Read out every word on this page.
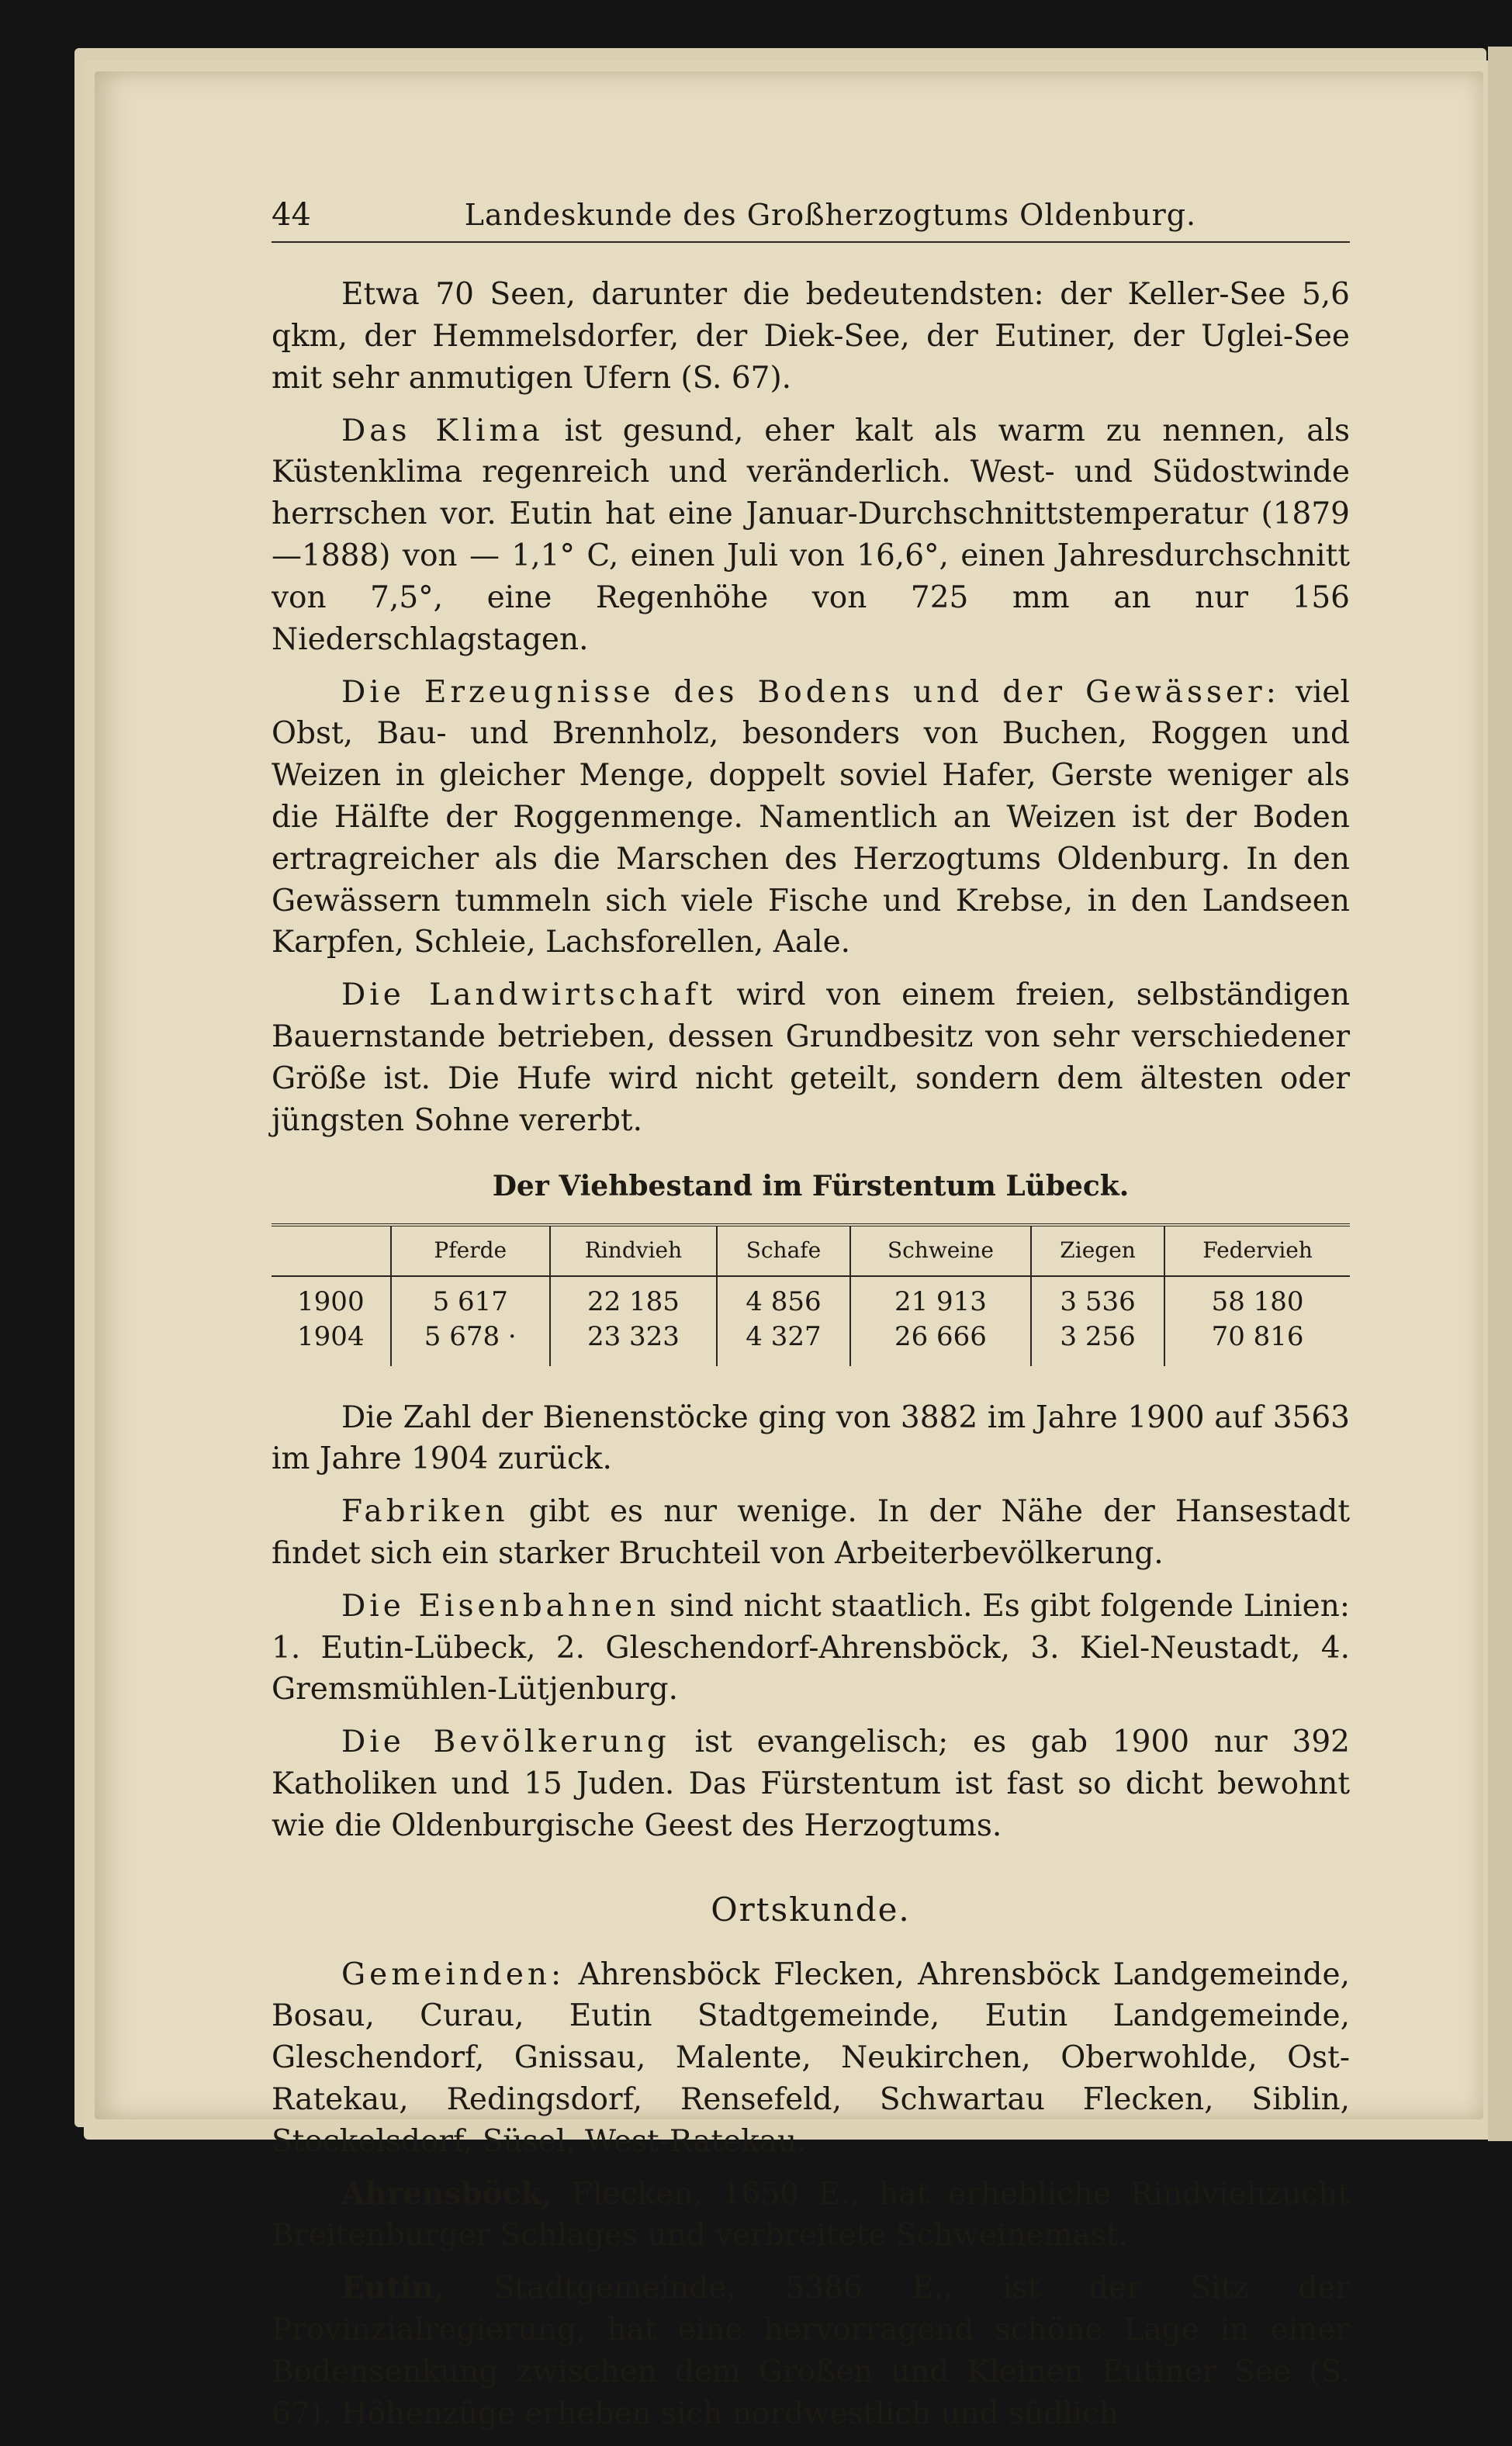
44	Landeskunde des Großherzogtums Oldenburg.

Etwa 70 Seen, darunter die bedeutendsten: der Keller-See 5,6 qkm, der Hemmelsdorfer, der Diek-See, der Eutiner, der Uglei-See mit sehr anmutigen Ufern (S. 67).

Das Klima ist gesund, eher kalt als warm zu nennen, als Küstenklima regenreich und veränderlich. West- und Südostwinde herrschen vor. Eutin hat eine Januar-Durchschnittstemperatur (1879—1888) von — 1,1° C, einen Juli von 16,6°, einen Jahresdurchschnitt von 7,5°, eine Regenhöhe von 725 mm an nur 156 Niederschlagstagen.

Die Erzeugnisse des Bodens und der Gewässer: viel Obst, Bau- und Brennholz, besonders von Buchen, Roggen und Weizen in gleicher Menge, doppelt soviel Hafer, Gerste weniger als die Hälfte der Roggenmenge. Namentlich an Weizen ist der Boden ertragreicher als die Marschen des Herzogtums Oldenburg. In den Gewässern tummeln sich viele Fische und Krebse, in den Landseen Karpfen, Schleie, Lachsforellen, Aale.

Die Landwirtschaft wird von einem freien, selbständigen Bauernstande betrieben, dessen Grundbesitz von sehr verschiedener Größe ist. Die Hufe wird nicht geteilt, sondern dem ältesten oder jüngsten Sohne vererbt.

Der Viehbestand im Fürstentum Lübeck.
	Pferde	Rindvieh	Schafe	Schweine	Ziegen	Federvieh
1900	5 617	22 185	4 856	21 913	3 536	58 180
1904	5 678 ·	23 323	4 327	26 666	3 256	70 816

Die Zahl der Bienenstöcke ging von 3882 im Jahre 1900 auf 3563 im Jahre 1904 zurück.

Fabriken gibt es nur wenige. In der Nähe der Hansestadt findet sich ein starker Bruchteil von Arbeiterbevölkerung.

Die Eisenbahnen sind nicht staatlich. Es gibt folgende Linien: 1. Eutin-Lübeck, 2. Gleschendorf-Ahrensböck, 3. Kiel-Neustadt, 4. Gremsmühlen-Lütjenburg.

Die Bevölkerung ist evangelisch; es gab 1900 nur 392 Katholiken und 15 Juden. Das Fürstentum ist fast so dicht bewohnt wie die Oldenburgische Geest des Herzogtums.

Ortskunde.

Gemeinden: Ahrensböck Flecken, Ahrensböck Landgemeinde, Bosau, Curau, Eutin Stadtgemeinde, Eutin Landgemeinde, Gleschendorf, Gnissau, Malente, Neukirchen, Oberwohlde, Ost-Ratekau, Redingsdorf, Rensefeld, Schwartau Flecken, Siblin, Stockelsdorf, Süsel, West-Ratekau.

Ahrensböck, Flecken, 1650 E., hat erhebliche Rindviehzucht Breitenburger Schlages und verbreitete Schweinemast.

Eutin, Stadtgemeinde, 5386 E., ist der Sitz der Provinzialregierung, hat eine hervorragend schöne Lage in einer Bodensenkung zwischen dem Großen und Kleinen Eutiner See (S. 67). Höhenzüge erheben sich nordwestlich und südlich
